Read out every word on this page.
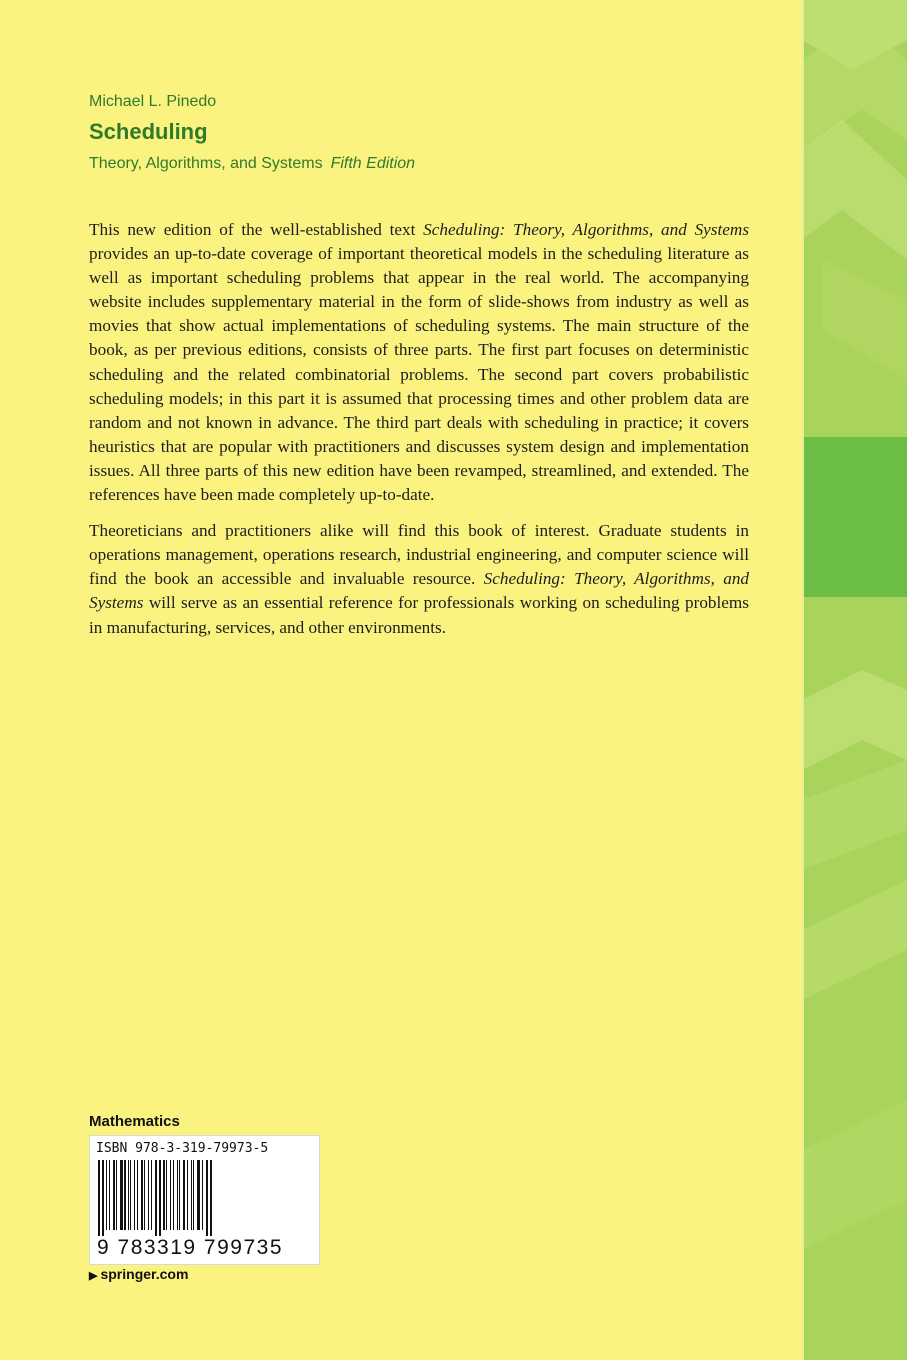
Michael L. Pinedo

Scheduling

Theory, Algorithms, and Systems Fifth Edition

This new edition of the well-established text Scheduling: Theory, Algorithms, and Systems provides an up-to-date coverage of important theoretical models in the scheduling literature as well as important scheduling problems that appear in the real world. The accompanying website includes supplementary material in the form of slide-shows from industry as well as movies that show actual implementations of scheduling systems. The main structure of the book, as per previous editions, consists of three parts. The first part focuses on deterministic scheduling and the related combinatorial problems. The second part covers probabilistic scheduling models; in this part it is assumed that processing times and other problem data are random and not known in advance. The third part deals with scheduling in practice; it covers heuristics that are popular with practitioners and discusses system design and implementation issues. All three parts of this new edition have been revamped, streamlined, and extended. The references have been made completely up-to-date.

Theoreticians and practitioners alike will find this book of interest. Graduate students in operations management, operations research, industrial engineering, and computer science will find the book an accessible and invaluable resource. Scheduling: Theory, Algorithms, and Systems will serve as an essential reference for professionals working on scheduling problems in manufacturing, services, and other environments.

Mathematics

ISBN 978-3-319-79973-5

9 783319 799735

▶ springer.com
